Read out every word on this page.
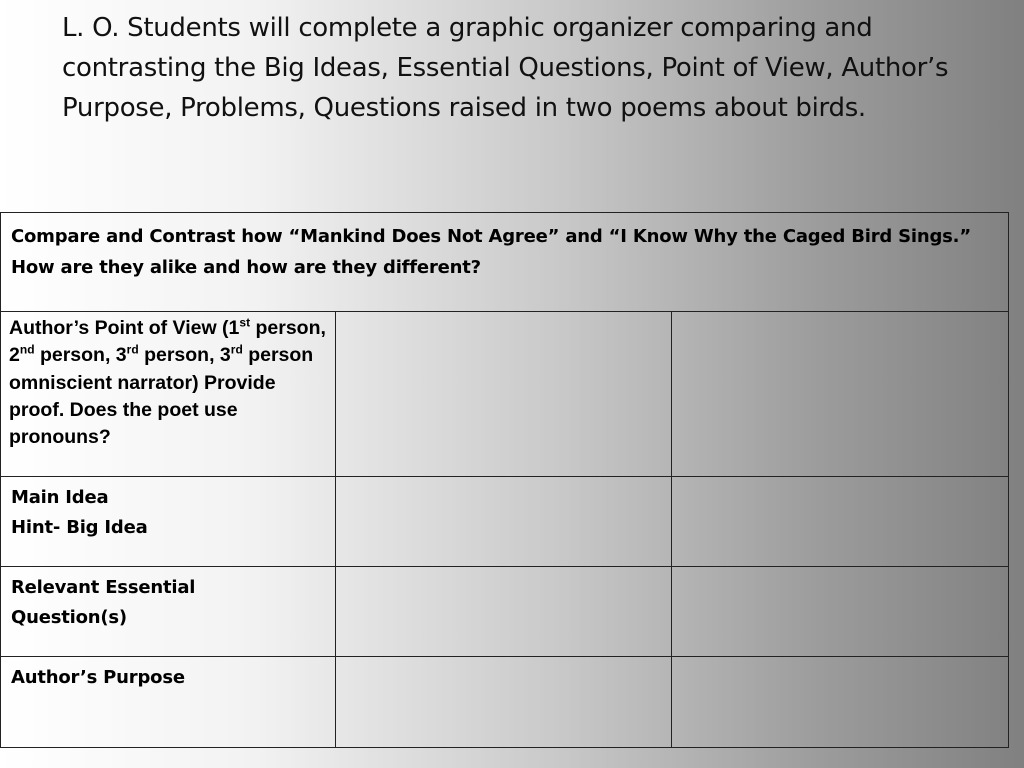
L. O. Students will complete a graphic organizer comparing and contrasting the Big Ideas, Essential Questions, Point of View, Author’s Purpose, Problems, Questions raised in two poems about birds.

Compare and Contrast how “Mankind Does Not Agree” and “I Know Why the Caged Bird Sings.” How are they alike and how are they different?		

Author’s Point of View (1st person, 2nd person, 3rd person, 3rd person omniscient narrator) Provide proof. Does the poet use pronouns?		

Main Idea
Hint- Big Idea		

Relevant Essential Question(s)		

Author’s Purpose		
